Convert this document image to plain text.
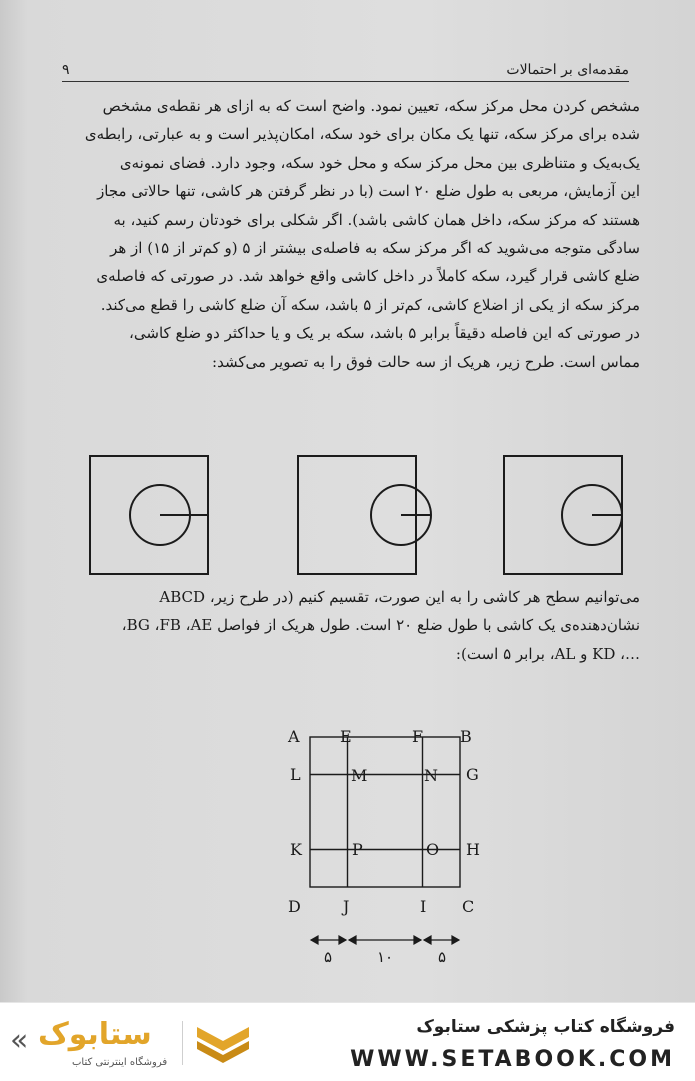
۹	مقدمه‌ای بر احتمالات

مشخص کردن محل مرکز سکه، تعیین نمود. واضح است که به ازای هر نقطه‌ی مشخص

شده برای مرکز سکه، تنها یک مکان برای خود سکه، امکان‌پذیر است و به عبارتی، رابطه‌ی

یک‌به‌یک و متناظری بین محل مرکز سکه و محل خود سکه، وجود دارد. فضای نمونه‌ی

این آزمایش، مربعی به طول ضلع ۲۰ است (با در نظر گرفتن هر کاشی، تنها حالاتی مجاز

هستند که مرکز سکه، داخل همان کاشی باشد). اگر شکلی برای خودتان رسم کنید، به

سادگی متوجه می‌شوید که اگر مرکز سکه به فاصله‌ی بیشتر از ۵ (و کم‌تر از ۱۵) از هر

ضلع کاشی قرار گیرد، سکه کاملاً در داخل کاشی واقع خواهد شد. در صورتی که فاصله‌ی

مرکز سکه از یکی از اضلاع کاشی، کم‌تر از ۵ باشد، سکه آن ضلع کاشی را قطع می‌کند.

در صورتی که این فاصله دقیقاً برابر ۵ باشد، سکه بر یک و یا حداکثر دو ضلع کاشی،

مماس است. طرح زیر، هریک از سه حالت فوق را به تصویر می‌کشد:

می‌توانیم سطح هر کاشی را به این صورت، تقسیم کنیم (در طرح زیر، ABCD

نشان‌دهنده‌ی یک کاشی با طول ضلع ۲۰ است. طول هریک از فواصل BG ،FB ،AE،

…، KD و AL، برابر ۵ است):

A	E	F B
L	M	N G
K	P	O H
D	J	I C
۵	۱۰	۵
« ستابوک
فروشگاه اینترنتی کتاب
فروشگاه کتاب پزشکی ستابوک
WWW.SETABOOK.COM
